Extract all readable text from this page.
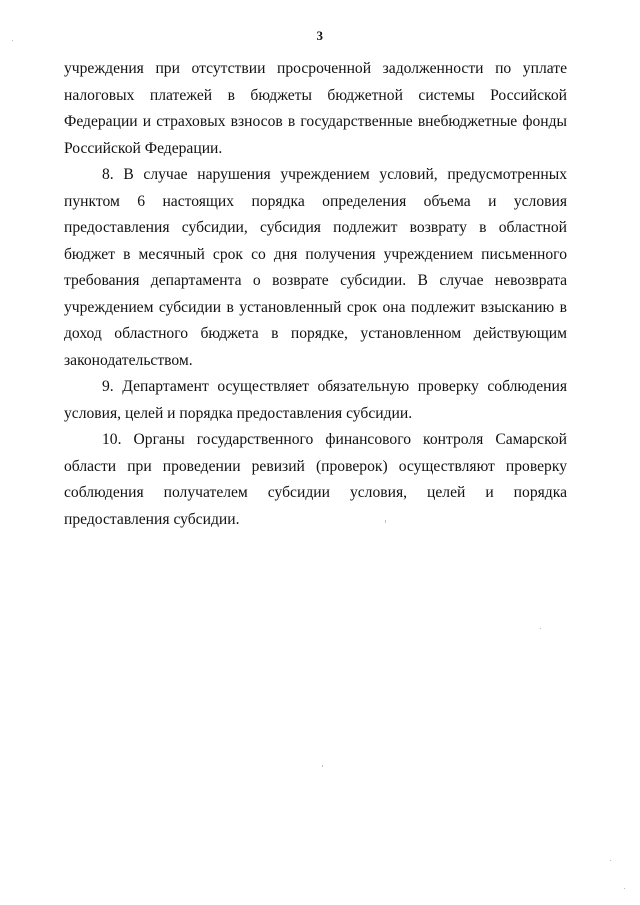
3

учреждения при отсутствии просроченной задолженности по уплате налоговых платежей в бюджеты бюджетной системы Российской Федерации и страховых взносов в государственные внебюджетные фонды Российской Федерации.

8. В случае нарушения учреждением условий, предусмотренных пунктом 6 настоящих порядка определения объема и условия предоставления субсидии, субсидия подлежит возврату в областной бюджет в месячный срок со дня получения учреждением письменного требования департамента о возврате субсидии. В случае невозврата учреждением субсидии в установленный срок она подлежит взысканию в доход областного бюджета в порядке, установленном действующим законодательством.

9. Департамент осуществляет обязательную проверку соблюдения условия, целей и порядка предоставления субсидии.

10. Органы государственного финансового контроля Самарской области при проведении ревизий (проверок) осуществляют проверку соблюдения получателем субсидии условия, целей и порядка предоставления субсидии.
